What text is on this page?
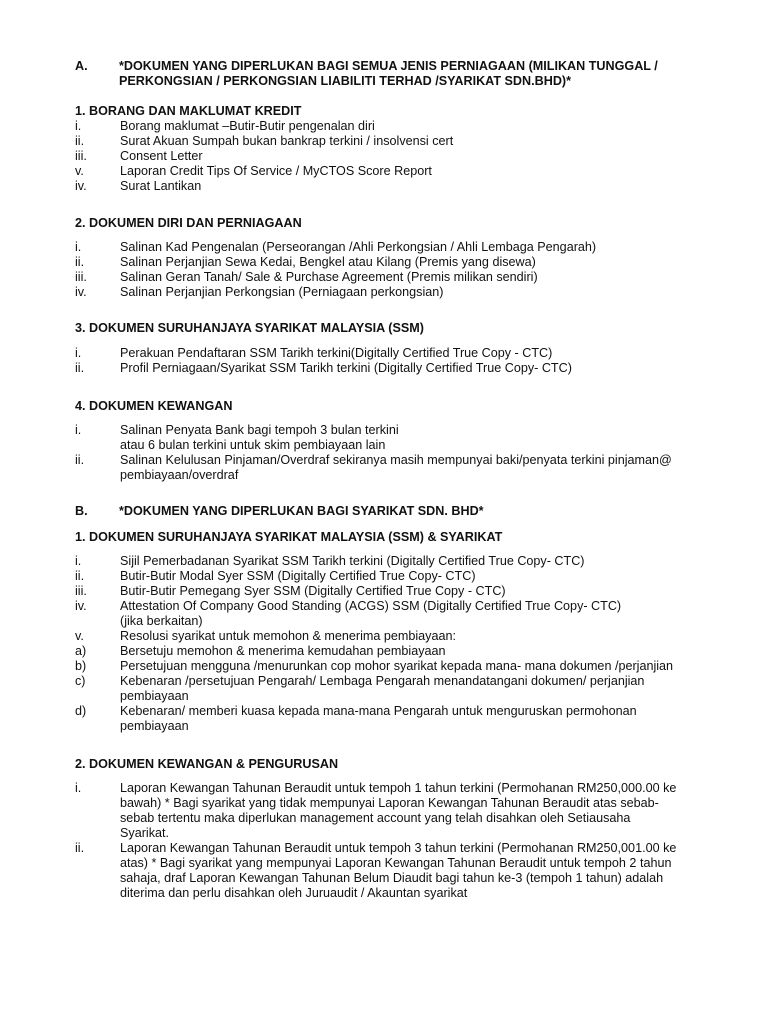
A.	*DOKUMEN YANG DIPERLUKAN BAGI SEMUA JENIS PERNIAGAAN (MILIKAN TUNGGAL / PERKONGSIAN / PERKONGSIAN LIABILITI TERHAD /SYARIKAT SDN.BHD)*
1. BORANG DAN MAKLUMAT KREDIT
i.	Borang maklumat –Butir-Butir pengenalan diri
ii.	Surat Akuan Sumpah bukan bankrap terkini / insolvensi cert
iii.	Consent Letter
v.	Laporan Credit Tips Of Service / MyCTOS Score Report
iv.	Surat Lantikan
2. DOKUMEN DIRI DAN PERNIAGAAN
i.	Salinan Kad Pengenalan (Perseorangan /Ahli Perkongsian / Ahli Lembaga Pengarah)
ii.	Salinan Perjanjian Sewa Kedai, Bengkel atau Kilang (Premis yang disewa)
iii.	Salinan Geran Tanah/ Sale & Purchase Agreement (Premis milikan sendiri)
iv.	Salinan Perjanjian Perkongsian (Perniagaan perkongsian)
3. DOKUMEN SURUHANJAYA SYARIKAT MALAYSIA (SSM)
i.	Perakuan Pendaftaran SSM Tarikh terkini(Digitally Certified True Copy - CTC)
ii.	Profil Perniagaan/Syarikat SSM Tarikh terkini (Digitally Certified True Copy- CTC)
4. DOKUMEN KEWANGAN
i.	Salinan Penyata Bank bagi tempoh 3 bulan terkini
atau 6 bulan terkini untuk skim pembiayaan lain
ii.	Salinan Kelulusan Pinjaman/Overdraf sekiranya masih mempunyai baki/penyata terkini pinjaman@
pembiayaan/overdraf
B.	*DOKUMEN YANG DIPERLUKAN BAGI SYARIKAT SDN. BHD*
1. DOKUMEN SURUHANJAYA SYARIKAT MALAYSIA (SSM) & SYARIKAT
i.	Sijil Pemerbadanan Syarikat SSM Tarikh terkini (Digitally Certified True Copy- CTC)
ii.	Butir-Butir Modal Syer SSM (Digitally Certified True Copy- CTC)
iii.	Butir-Butir Pemegang Syer SSM (Digitally Certified True Copy - CTC)
iv.	Attestation Of Company Good Standing (ACGS) SSM (Digitally Certified True Copy- CTC)
(jika berkaitan)
v.	Resolusi syarikat untuk memohon & menerima pembiayaan:
a)	Bersetuju memohon & menerima kemudahan pembiayaan
b)	Persetujuan mengguna /menurunkan cop mohor syarikat kepada mana- mana dokumen /perjanjian
c)	Kebenaran /persetujuan Pengarah/ Lembaga Pengarah menandatangani dokumen/ perjanjian
pembiayaan
d)	Kebenaran/ memberi kuasa kepada mana-mana Pengarah untuk menguruskan permohonan
pembiayaan
2. DOKUMEN KEWANGAN & PENGURUSAN
i.	Laporan Kewangan Tahunan Beraudit untuk tempoh 1 tahun terkini (Permohanan RM250,000.00 ke
bawah) * Bagi syarikat yang tidak mempunyai Laporan Kewangan Tahunan Beraudit atas sebab-
sebab tertentu maka diperlukan management account yang telah disahkan oleh Setiausaha
Syarikat.
ii.	Laporan Kewangan Tahunan Beraudit untuk tempoh 3 tahun terkini (Permohanan RM250,001.00 ke
atas) * Bagi syarikat yang mempunyai Laporan Kewangan Tahunan Beraudit untuk tempoh 2 tahun
sahaja, draf Laporan Kewangan Tahunan Belum Diaudit bagi tahun ke-3 (tempoh 1 tahun) adalah
diterima dan perlu disahkan oleh Juruaudit / Akauntan syarikat
